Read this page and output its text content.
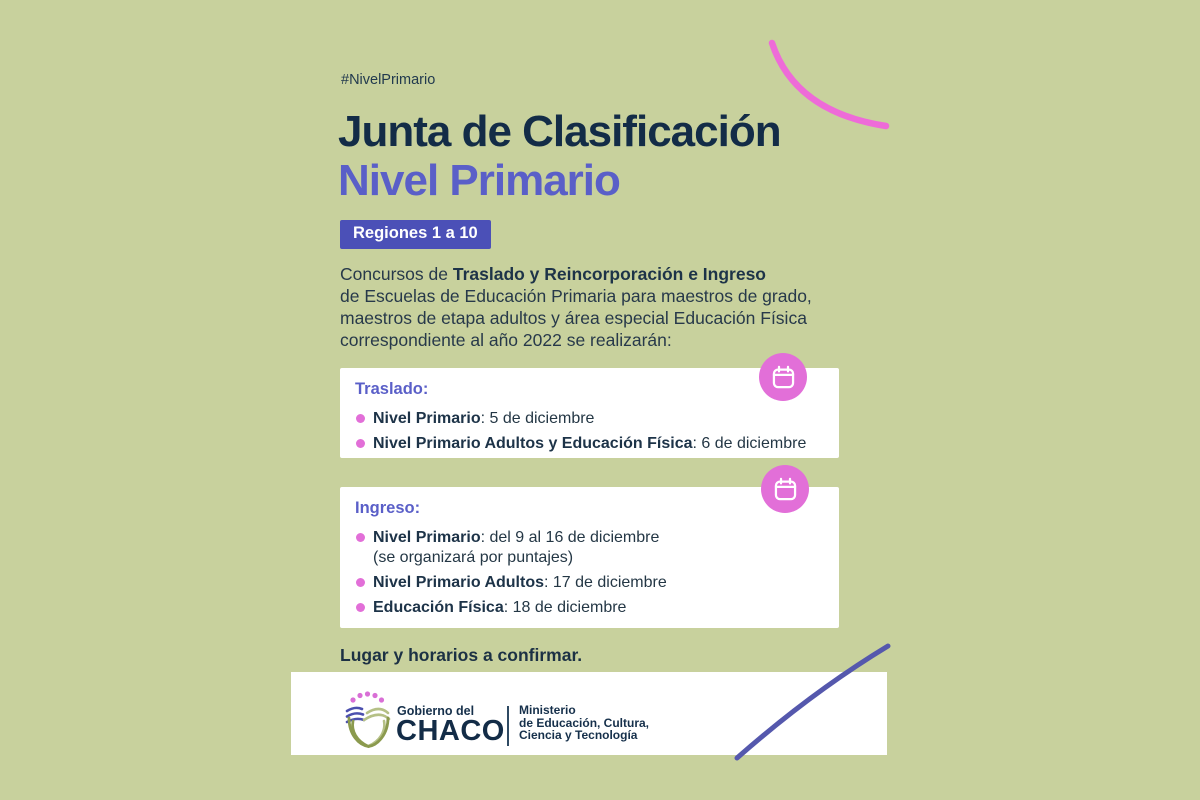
#NivelPrimario
Junta de Clasificación
Nivel Primario
Regiones 1 a 10
Concursos de Traslado y Reincorporación e Ingreso
de Escuelas de Educación Primaria para maestros de grado,
maestros de etapa adultos y área especial Educación Física
correspondiente al año 2022 se realizarán:
Traslado:
Nivel Primario: 5 de diciembre
Nivel Primario Adultos y Educación Física: 6 de diciembre
Ingreso:
Nivel Primario: del 9 al 16 de diciembre
(se organizará por puntajes)
Nivel Primario Adultos: 17 de diciembre
Educación Física: 18 de diciembre
Lugar y horarios a confirmar.
Gobierno del
CHACO
Ministerio
de Educación, Cultura,
Ciencia y Tecnología
